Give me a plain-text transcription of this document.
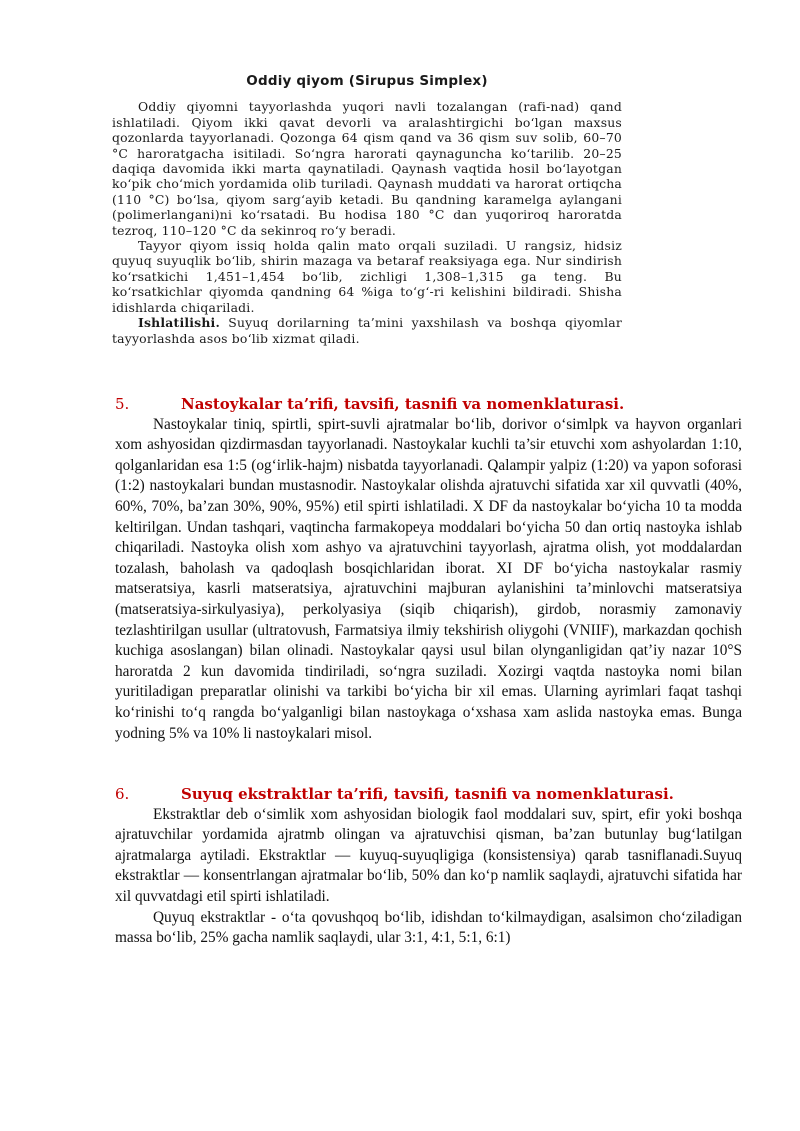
Oddiy qiyom (Sirupus Simplex)

Oddiy qiyomni tayyorlashda yuqori navli tozalangan (rafi-nad) qand ishlatiladi. Qiyom ikki qavat devorli va aralashtirgichi bo‘lgan maxsus qozonlarda tayyorlanadi. Qozonga 64 qism qand va 36 qism suv solib, 60–70 °C haroratgacha isitiladi. So‘ngra harorati qaynaguncha ko‘tarilib. 20–25 daqiqa davomida ikki marta qaynatiladi. Qaynash vaqtida hosil bo‘layotgan ko‘pik cho‘mich yordamida olib turiladi. Qaynash muddati va harorat ortiqcha (110 °C) bo‘lsa, qiyom sarg‘ayib ketadi. Bu qandning karamelga aylangani (polimerlangani)ni ko‘rsatadi. Bu hodisa 180 °C dan yuqoriroq haroratda tezroq, 110–120 °C da sekinroq ro‘y beradi.

Tayyor qiyom issiq holda qalin mato orqali suziladi. U rangsiz, hidsiz quyuq suyuqlik bo‘lib, shirin mazaga va betaraf reaksiyaga ega. Nur sindirish ko‘rsatkichi 1,451–1,454 bo‘lib, zichligi 1,308–1,315 ga teng. Bu ko‘rsatkichlar qiyomda qandning 64 %iga to‘g‘-ri kelishini bildiradi. Shisha idishlarda chiqariladi.

Ishlatilishi. Suyuq dorilarning ta’mini yaxshilash va boshqa qiyomlar tayyorlashda asos bo‘lib xizmat qiladi.

5.	Nastoykalar ta’rifi, tavsifi, tasnifi va nomenklaturasi.

Nastoykalar tiniq, spirtli, spirt-suvli ajratmalar bo‘lib, dorivor o‘simlpk va hayvon organlari xom ashyosidan qizdirmasdan tayyorlanadi. Nastoykalar kuchli ta’sir etuvchi xom ashyolardan 1:10, qolganlaridan esa 1:5 (og‘irlik-hajm) nisbatda tayyorlanadi. Qalampir yalpiz (1:20) va yapon soforasi (1:2) nastoykalari bundan mustasnodir. Nastoykalar olishda ajratuvchi sifatida xar xil quvvatli (40%, 60%, 70%, ba’zan 30%, 90%, 95%) etil spirti ishlatiladi. X DF da nastoykalar bo‘yicha 10 ta modda keltirilgan. Undan tashqari, vaqtincha farmakopeya moddalari bo‘yicha 50 dan ortiq nastoyka ishlab chiqariladi. Nastoyka olish xom ashyo va ajratuvchini tayyorlash, ajratma olish, yot moddalardan tozalash, baholash va qadoqlash bosqichlaridan iborat. XI DF bo‘yicha nastoykalar rasmiy matseratsiya, kasrli matseratsiya, ajratuvchini majburan aylanishini ta’minlovchi matseratsiya (matseratsiya-sirkulyasiya), perkolyasiya (siqib chiqarish), girdob, norasmiy zamonaviy tezlashtirilgan usullar (ultratovush, Farmatsiya ilmiy tekshirish oliygohi (VNIIF), markazdan qochish kuchiga asoslangan) bilan olinadi. Nastoykalar qaysi usul bilan olynganligidan qat’iy nazar 10°S haroratda 2 kun davomida tindiriladi, so‘ngra suziladi. Xozirgi vaqtda nastoyka nomi bilan yuritiladigan preparatlar olinishi va tarkibi bo‘yicha bir xil emas. Ularning ayrimlari faqat tashqi ko‘rinishi to‘q rangda bo‘yalganligi bilan nastoykaga o‘xshasa xam aslida nastoyka emas. Bunga yodning 5% va 10% li nastoykalari misol.

6.	Suyuq ekstraktlar ta’rifi, tavsifi, tasnifi va nomenklaturasi.

Ekstraktlar deb o‘simlik xom ashyosidan biologik faol moddalari suv, spirt, efir yoki boshqa ajratuvchilar yordamida ajratmb olingan va ajratuvchisi qisman, ba’zan butunlay bug‘latilgan ajratmalarga aytiladi. Ekstraktlar — kuyuq-suyuqligiga (konsistensiya) qarab tasniflanadi.Suyuq ekstraktlar — konsentrlangan ajratmalar bo‘lib, 50% dan ko‘p namlik saqlaydi, ajratuvchi sifatida har xil quvvatdagi etil spirti ishlatiladi.

Quyuq ekstraktlar - o‘ta qovushqoq bo‘lib, idishdan to‘kilmaydigan, asalsimon cho‘ziladigan massa bo‘lib, 25% gacha namlik saqlaydi, ular 3:1, 4:1, 5:1, 6:1)
